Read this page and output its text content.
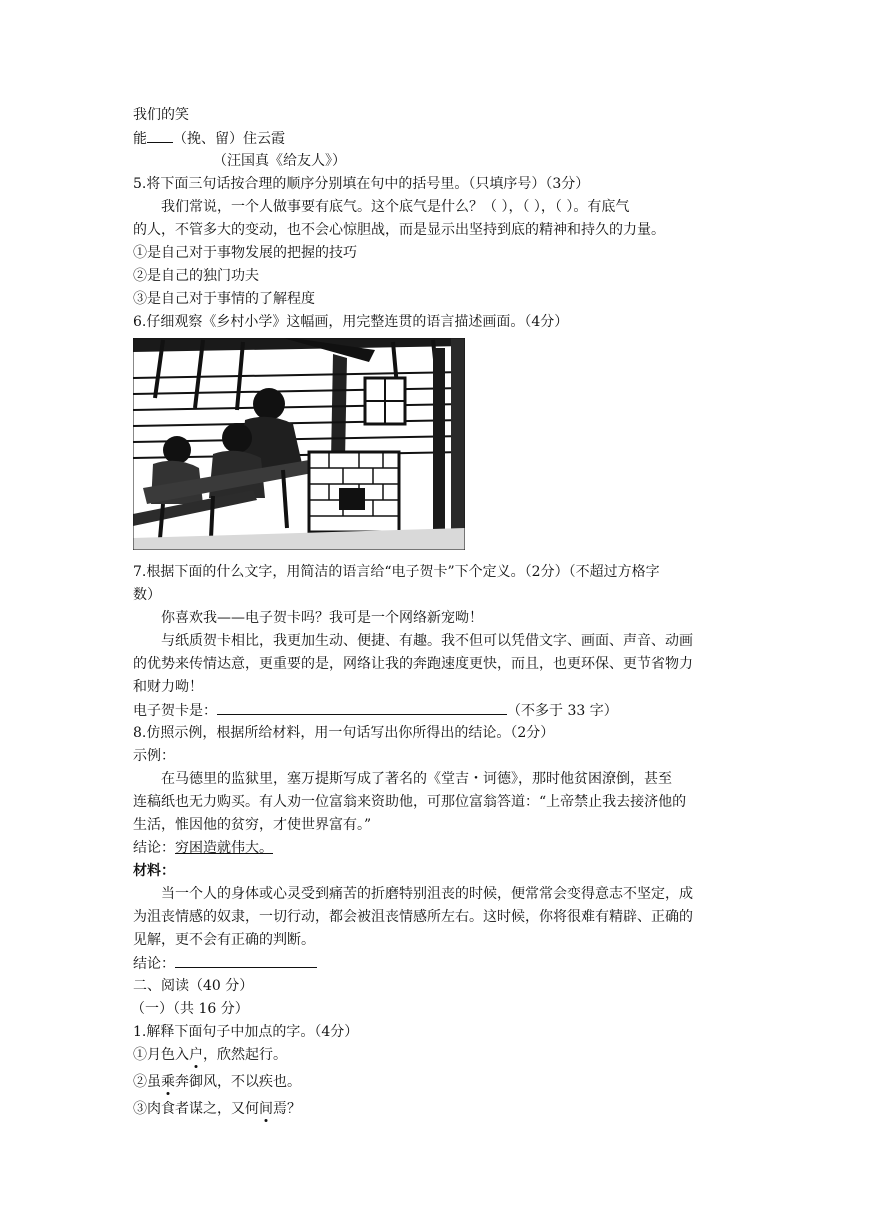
我们的笑
能 （挽、留）住云霞
（汪国真《给友人》）
5.将下面三句话按合理的顺序分别填在句中的括号里。（只填序号）（3分）
我们常说，一个人做事要有底气。这个底气是什么？（ ），（ ），（ ）。有底气
的人，不管多大的变动，也不会心惊胆战，而是显示出坚持到底的精神和持久的力量。
①是自己对于事物发展的把握的技巧
②是自己的独门功夫
③是自己对于事情的了解程度
6.仔细观察《乡村小学》这幅画，用完整连贯的语言描述画面。（4分）
7.根据下面的什么文字，用简洁的语言给“电子贺卡”下个定义。（2分）（不超过方格字
数）
你喜欢我——电子贺卡吗？我可是一个网络新宠呦！
与纸质贺卡相比，我更加生动、便捷、有趣。我不但可以凭借文字、画面、声音、动画
的优势来传情达意，更重要的是，网络让我的奔跑速度更快，而且，也更环保、更节省物力
和财力呦！
电子贺卡是：	（不多于 33 字）
8.仿照示例，根据所给材料，用一句话写出你所得出的结论。（2分）
示例：
在马德里的监狱里，塞万提斯写成了著名的《堂吉・诃德》，那时他贫困潦倒，甚至
连稿纸也无力购买。有人劝一位富翁来资助他，可那位富翁答道：“上帝禁止我去接济他的
生活，惟因他的贫穷，才使世界富有。”
结论：穷困造就伟大。
材料：
当一个人的身体或心灵受到痛苦的折磨特别沮丧的时候，便常常会变得意志不坚定，成
为沮丧情感的奴隶，一切行动，都会被沮丧情感所左右。这时候，你将很难有精辟、正确的
见解，更不会有正确的判断。
结论：
二、阅读（40 分）
（一）（共 16 分）
1.解释下面句子中加点的字。（4分）
①月色入户，欣然起行。
②虽乘奔御风，不以疾也。
③肉食者谋之，又何间焉？
